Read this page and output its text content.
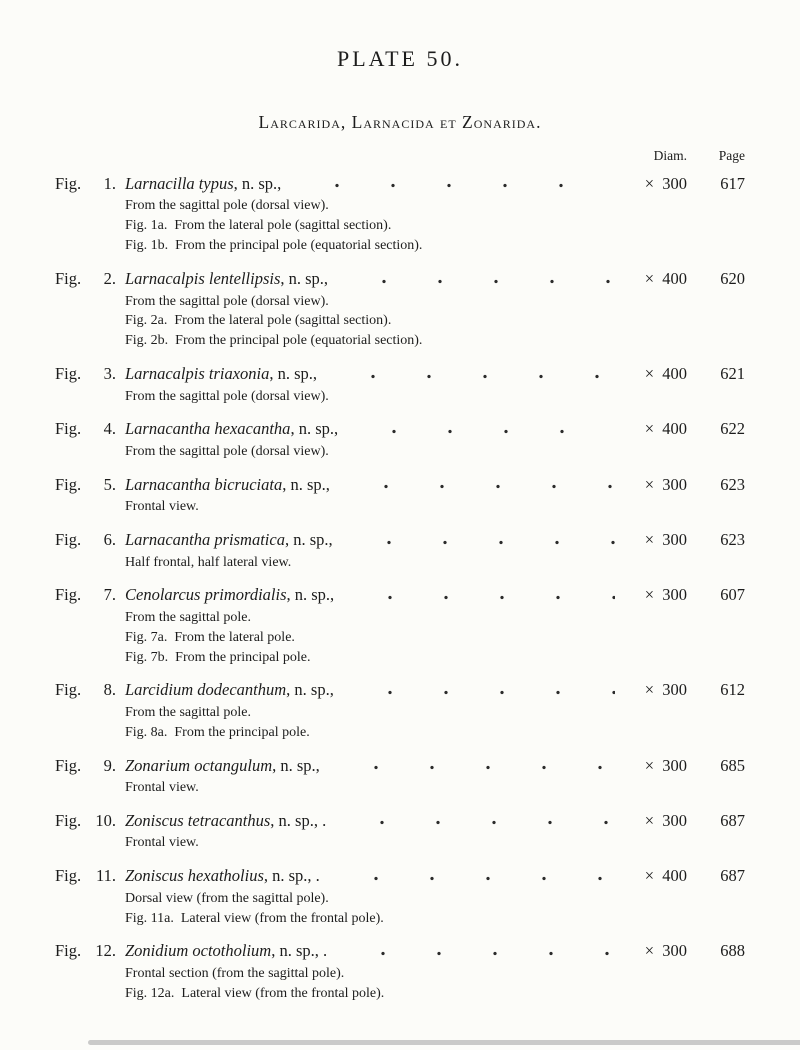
PLATE 50.
Larcarida, Larnacida et Zonarida.
Diam.	Page
Fig. 1. Larnacilla typus, n. sp.,	×  300	617
From the sagittal pole (dorsal view).
Fig. 1a.  From the lateral pole (sagittal section).
Fig. 1b.  From the principal pole (equatorial section).
Fig. 2. Larnacalpis lentellipsis, n. sp.,	×  400	620
From the sagittal pole (dorsal view).
Fig. 2a.  From the lateral pole (sagittal section).
Fig. 2b.  From the principal pole (equatorial section).
Fig. 3. Larnacalpis triaxonia, n. sp.,	×  400	621
From the sagittal pole (dorsal view).
Fig. 4. Larnacantha hexacantha, n. sp.,	×  400	622
From the sagittal pole (dorsal view).
Fig. 5. Larnacantha bicruciata, n. sp.,	×  300	623
Frontal view.
Fig. 6. Larnacantha prismatica, n. sp.,	×  300	623
Half frontal, half lateral view.
Fig. 7. Cenolarcus primordialis, n. sp.,	×  300	607
From the sagittal pole.
Fig. 7a.  From the lateral pole.
Fig. 7b.  From the principal pole.
Fig. 8. Larcidium dodecanthum, n. sp.,	×  300	612
From the sagittal pole.
Fig. 8a.  From the principal pole.
Fig. 9. Zonarium octangulum, n. sp.,	×  300	685
Frontal view.
Fig. 10. Zoniscus tetracanthus, n. sp., .	×  300	687
Frontal view.
Fig. 11. Zoniscus hexatholius, n. sp., .	×  400	687
Dorsal view (from the sagittal pole).
Fig. 11a.  Lateral view (from the frontal pole).
Fig. 12. Zonidium octotholium, n. sp., .	×  300	688
Frontal section (from the sagittal pole).
Fig. 12a.  Lateral view (from the frontal pole).
